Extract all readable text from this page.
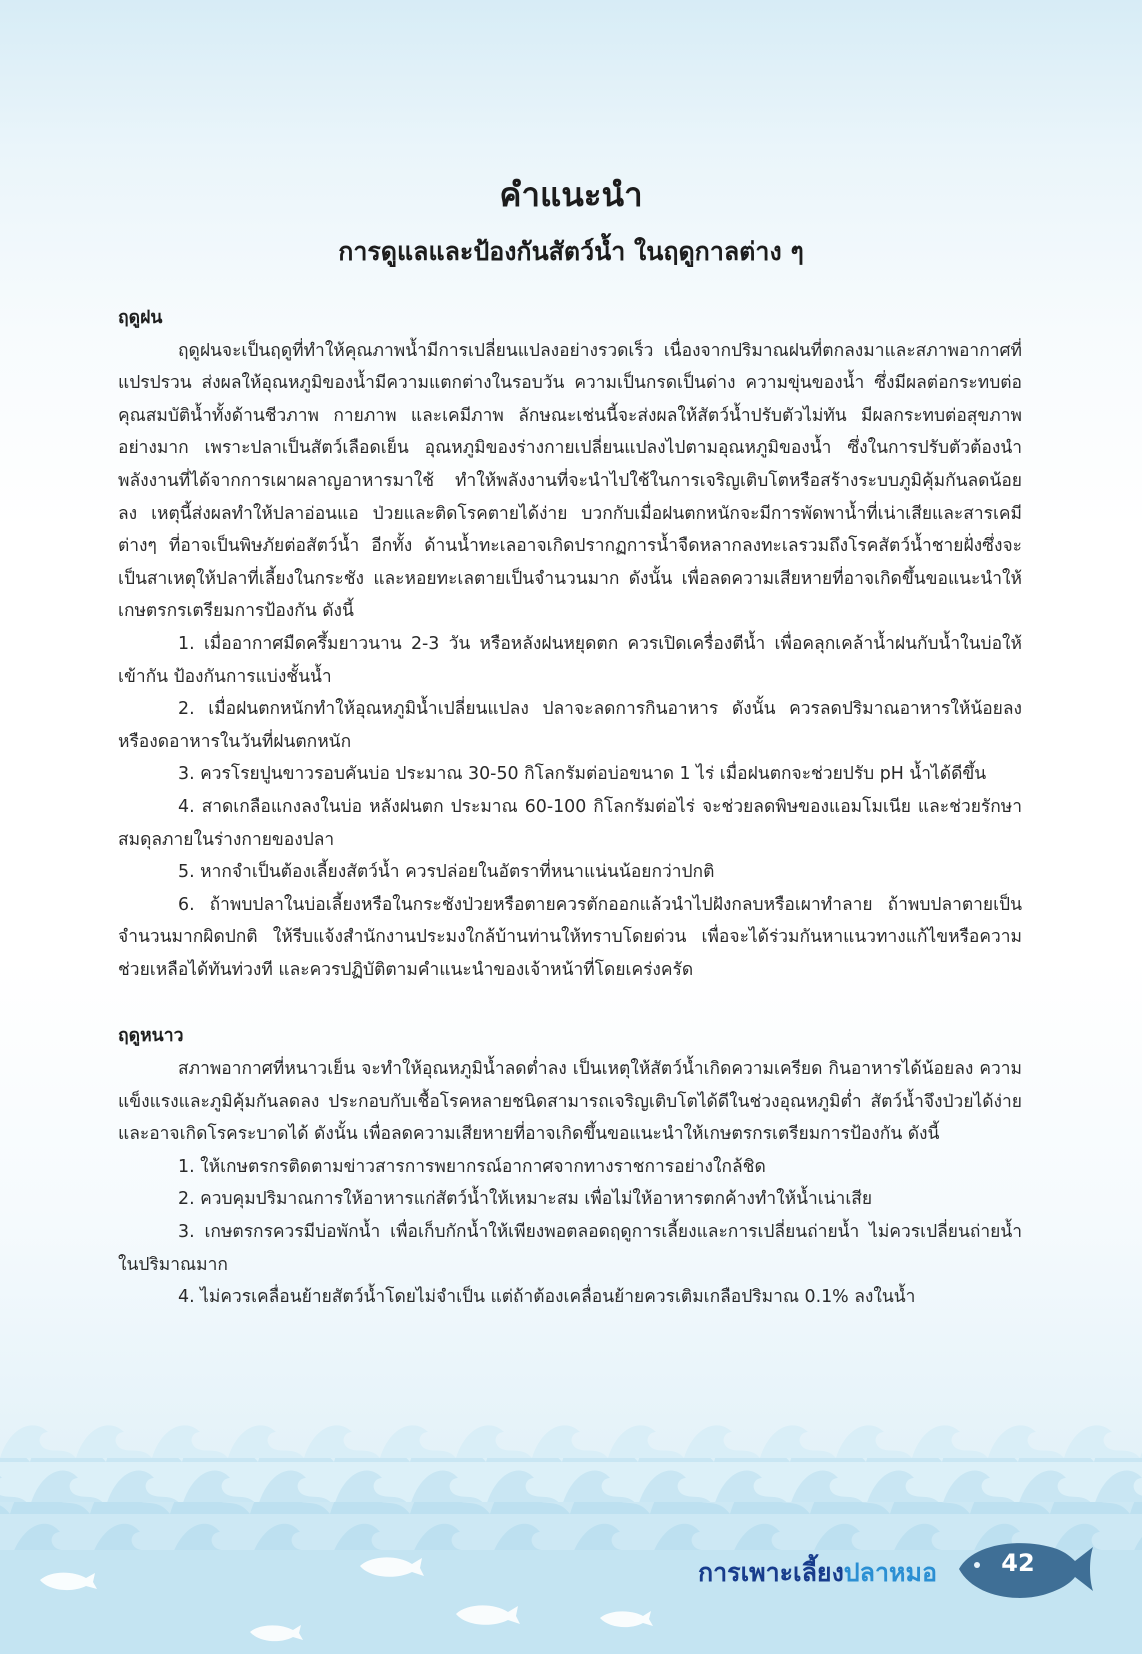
คำแนะนำ
การดูแลและป้องกันสัตว์น้ำ ในฤดูกาลต่าง ๆ
ฤดูฝน

ฤดูฝนจะเป็นฤดูที่ทำให้คุณภาพน้ำมีการเปลี่ยนแปลงอย่างรวดเร็ว เนื่องจากปริมาณฝนที่ตกลงมาและสภาพอากาศที่แปรปรวน ส่งผลให้อุณหภูมิของน้ำมีความแตกต่างในรอบวัน ความเป็นกรดเป็นด่าง ความขุ่นของน้ำ ซึ่งมีผลต่อกระทบต่อคุณสมบัติน้ำทั้งด้านชีวภาพ กายภาพ และเคมีภาพ ลักษณะเช่นนี้จะส่งผลให้สัตว์น้ำปรับตัวไม่ทัน มีผลกระทบต่อสุขภาพอย่างมาก เพราะปลาเป็นสัตว์เลือดเย็น อุณหภูมิของร่างกายเปลี่ยนแปลงไปตามอุณหภูมิของน้ำ ซึ่งในการปรับตัวต้องนำพลังงานที่ได้จากการเผาผลาญอาหารมาใช้ ทำให้พลังงานที่จะนำไปใช้ในการเจริญเติบโตหรือสร้างระบบภูมิคุ้มกันลดน้อยลง เหตุนี้ส่งผลทำให้ปลาอ่อนแอ ป่วยและติดโรคตายได้ง่าย บวกกับเมื่อฝนตกหนักจะมีการพัดพาน้ำที่เน่าเสียและสารเคมีต่างๆ ที่อาจเป็นพิษภัยต่อสัตว์น้ำ อีกทั้ง ด้านน้ำทะเลอาจเกิดปรากฏการน้ำจืดหลากลงทะเลรวมถึงโรคสัตว์น้ำชายฝั่งซึ่งจะเป็นสาเหตุให้ปลาที่เลี้ยงในกระชัง และหอยทะเลตายเป็นจำนวนมาก ดังนั้น เพื่อลดความเสียหายที่อาจเกิดขึ้นขอแนะนำให้เกษตรกรเตรียมการป้องกัน ดังนี้

1. เมื่ออากาศมืดครึ้มยาวนาน 2-3 วัน หรือหลังฝนหยุดตก ควรเปิดเครื่องตีน้ำ เพื่อคลุกเคล้าน้ำฝนกับน้ำในบ่อให้เข้ากัน ป้องกันการแบ่งชั้นน้ำ

2. เมื่อฝนตกหนักทำให้อุณหภูมิน้ำเปลี่ยนแปลง ปลาจะลดการกินอาหาร ดังนั้น ควรลดปริมาณอาหารให้น้อยลง หรืองดอาหารในวันที่ฝนตกหนัก

3. ควรโรยปูนขาวรอบคันบ่อ ประมาณ 30-50 กิโลกรัมต่อบ่อขนาด 1 ไร่ เมื่อฝนตกจะช่วยปรับ pH น้ำได้ดีขึ้น

4. สาดเกลือแกงลงในบ่อ หลังฝนตก ประมาณ 60-100 กิโลกรัมต่อไร่ จะช่วยลดพิษของแอมโมเนีย และช่วยรักษาสมดุลภายในร่างกายของปลา

5. หากจำเป็นต้องเลี้ยงสัตว์น้ำ ควรปล่อยในอัตราที่หนาแน่นน้อยกว่าปกติ

6. ถ้าพบปลาในบ่อเลี้ยงหรือในกระชังป่วยหรือตายควรตักออกแล้วนำไปฝังกลบหรือเผาทำลาย ถ้าพบปลาตายเป็นจำนวนมากผิดปกติ ให้รีบแจ้งสำนักงานประมงใกล้บ้านท่านให้ทราบโดยด่วน เพื่อจะได้ร่วมกันหาแนวทางแก้ไขหรือความช่วยเหลือได้ทันท่วงที และควรปฏิบัติตามคำแนะนำของเจ้าหน้าที่โดยเคร่งครัด

ฤดูหนาว

สภาพอากาศที่หนาวเย็น จะทำให้อุณหภูมิน้ำลดต่ำลง เป็นเหตุให้สัตว์น้ำเกิดความเครียด กินอาหารได้น้อยลง ความแข็งแรงและภูมิคุ้มกันลดลง ประกอบกับเชื้อโรคหลายชนิดสามารถเจริญเติบโตได้ดีในช่วงอุณหภูมิต่ำ สัตว์น้ำจึงป่วยได้ง่ายและอาจเกิดโรคระบาดได้ ดังนั้น เพื่อลดความเสียหายที่อาจเกิดขึ้นขอแนะนำให้เกษตรกรเตรียมการป้องกัน ดังนี้

1. ให้เกษตรกรติดตามข่าวสารการพยากรณ์อากาศจากทางราชการอย่างใกล้ชิด

2. ควบคุมปริมาณการให้อาหารแก่สัตว์น้ำให้เหมาะสม เพื่อไม่ให้อาหารตกค้างทำให้น้ำเน่าเสีย

3. เกษตรกรควรมีบ่อพักน้ำ เพื่อเก็บกักน้ำให้เพียงพอตลอดฤดูการเลี้ยงและการเปลี่ยนถ่ายน้ำ ไม่ควรเปลี่ยนถ่ายน้ำในปริมาณมาก

4. ไม่ควรเคลื่อนย้ายสัตว์น้ำโดยไม่จำเป็น แต่ถ้าต้องเคลื่อนย้ายควรเติมเกลือปริมาณ 0.1% ลงในน้ำ

การเพาะเลี้ยงปลาหมอ	42
